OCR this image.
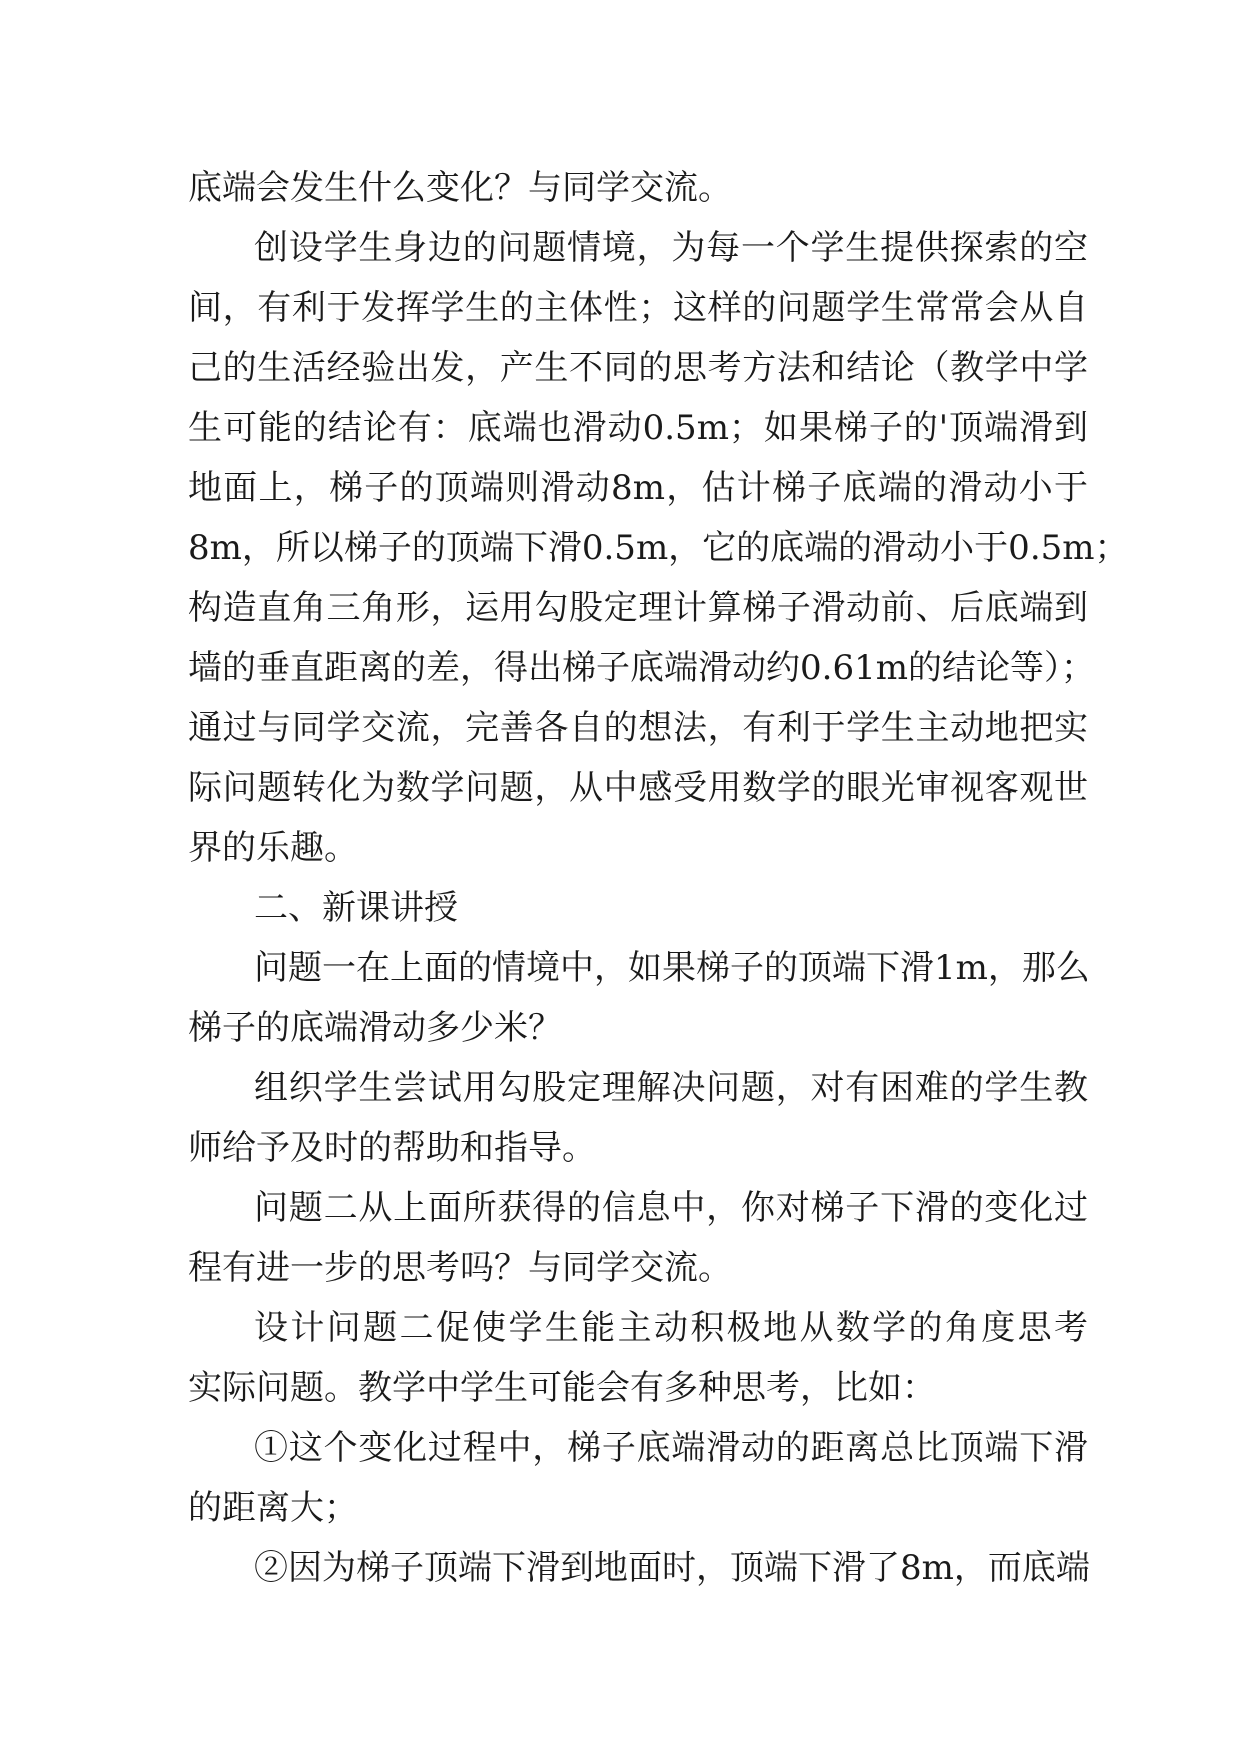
底端会发生什么变化？与同学交流。
创设学生身边的问题情境，为每一个学生提供探索的空
间，有利于发挥学生的主体性；这样的问题学生常常会从自
己的生活经验出发，产生不同的思考方法和结论（教学中学
生可能的结论有：底端也滑动0.5m；如果梯子的'顶端滑到
地面上，梯子的顶端则滑动8m，估计梯子底端的滑动小于
8m，所以梯子的顶端下滑0.5m，它的底端的滑动小于0.5m；
构造直角三角形，运用勾股定理计算梯子滑动前、后底端到
墙的垂直距离的差，得出梯子底端滑动约0.61m的结论等）；
通过与同学交流，完善各自的想法，有利于学生主动地把实
际问题转化为数学问题，从中感受用数学的眼光审视客观世
界的乐趣。
二、新课讲授
问题一在上面的情境中，如果梯子的顶端下滑1m，那么
梯子的底端滑动多少米？
组织学生尝试用勾股定理解决问题，对有困难的学生教
师给予及时的帮助和指导。
问题二从上面所获得的信息中，你对梯子下滑的变化过
程有进一步的思考吗？与同学交流。
设计问题二促使学生能主动积极地从数学的角度思考
实际问题。教学中学生可能会有多种思考，比如：
①这个变化过程中，梯子底端滑动的距离总比顶端下滑
的距离大；
②因为梯子顶端下滑到地面时，顶端下滑了8m，而底端
